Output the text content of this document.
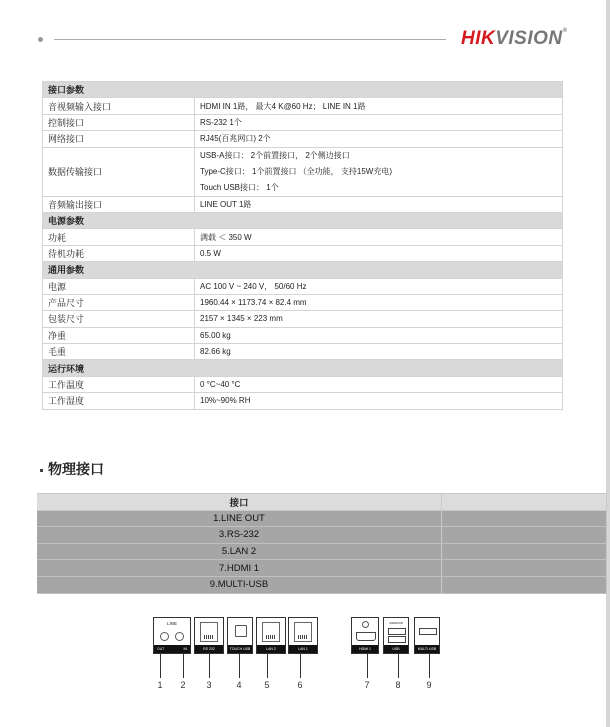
HIKVISION®
接口参数	
音视频输入接口	HDMI IN 1路， 最大4 K@60 Hz； LINE IN 1路
控制接口	RS-232 1个
网络接口	RJ45(百兆网口) 2个
数据传输接口	USB-A接口： 2个前置接口， 2个侧边接口
Type-C接口： 1个前置接口 （全功能， 支持15W充电)
Touch USB接口： 1个

音频输出接口	LINE OUT 1路
电源参数	
功耗	满载 ＜ 350 W
待机功耗	0.5 W
通用参数	
电源	AC 100 V ~ 240 V， 50/60 Hz
产品尺寸	1960.44 × 1173.74 × 82.4 mm
包装尺寸	2157 × 1345 × 223 mm
净重	65.00 kg
毛重	82.66 kg
运行环境	
工作温度	0 °C~40 °C
工作湿度	10%~90% RH
物理接口
接口	
1.LINE OUT	
3.RS-232	
5.LAN 2	
7.HDMI 1	
9.MULTI-USB	
LINE
OUT	IN	RS 232	TOUCH USB	LAN 2	LAN 1	HDMI 1
ANDROID
USB	MULTI USB
1 2 3	4	5	6	7	8	9
